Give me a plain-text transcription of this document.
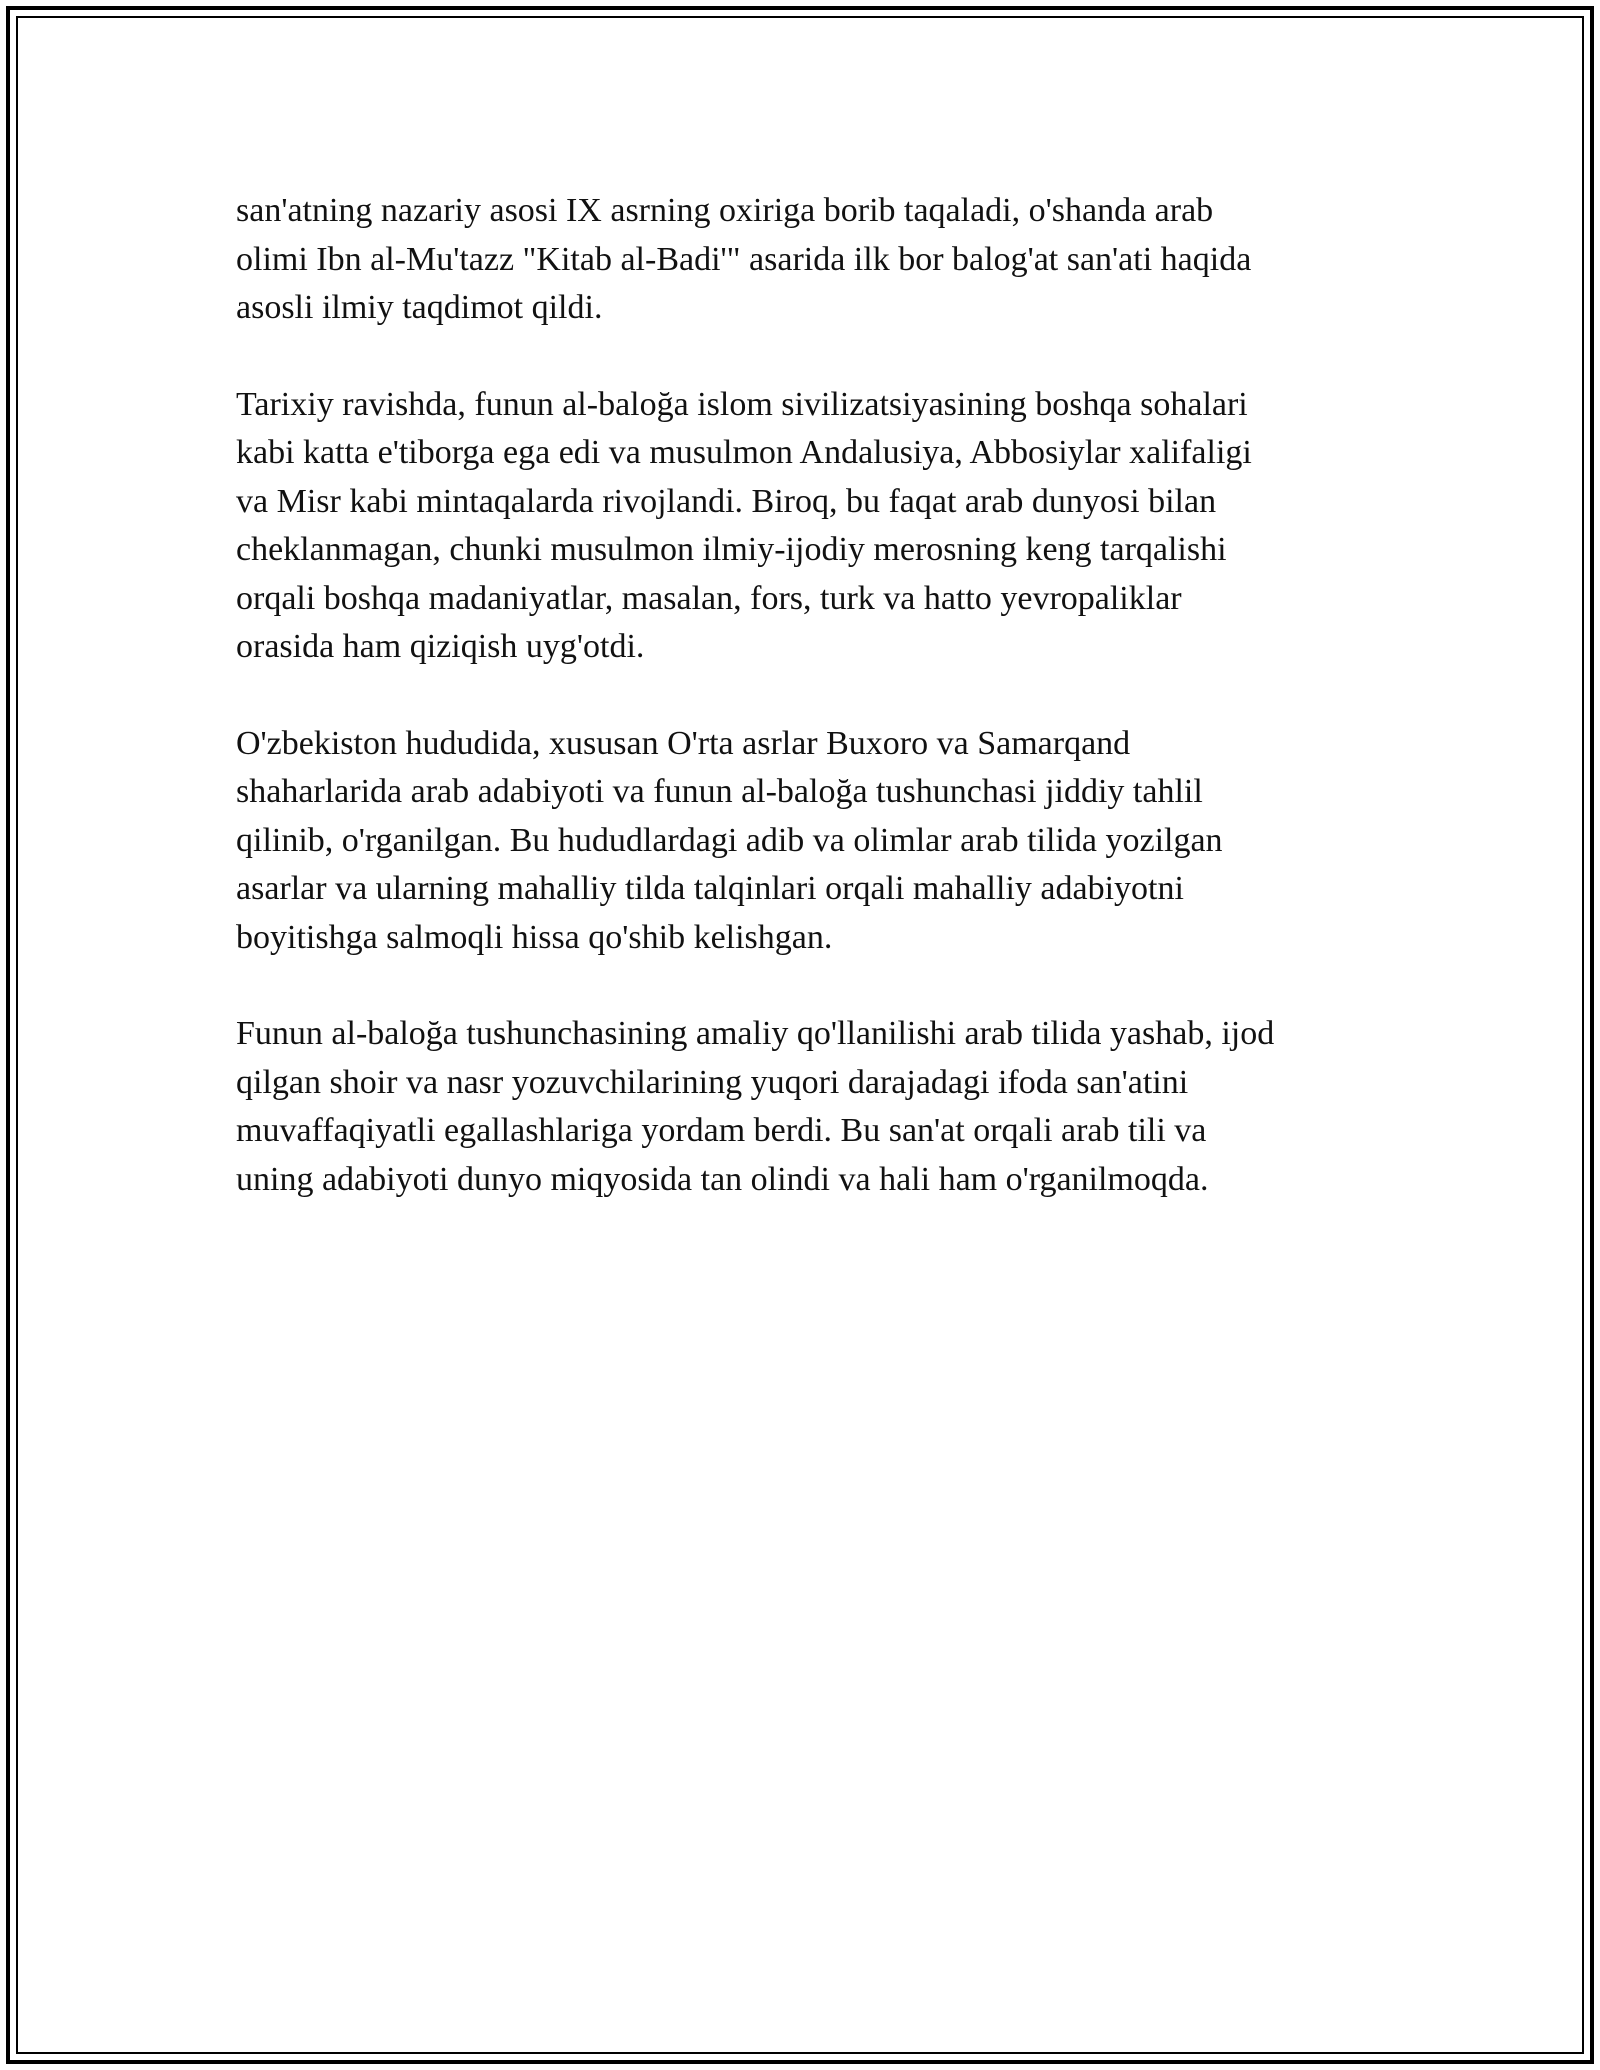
san'atning nazariy asosi IX asrning oxiriga borib taqaladi, o'shanda arab
olimi Ibn al-Mu'tazz "Kitab al-Badi'" asarida ilk bor balog'at san'ati haqida
asosli ilmiy taqdimot qildi.

Tarixiy ravishda, funun al-baloğa islom sivilizatsiyasining boshqa sohalari
kabi katta e'tiborga ega edi va musulmon Andalusiya, Abbosiylar xalifaligi
va Misr kabi mintaqalarda rivojlandi. Biroq, bu faqat arab dunyosi bilan
cheklanmagan, chunki musulmon ilmiy-ijodiy merosning keng tarqalishi
orqali boshqa madaniyatlar, masalan, fors, turk va hatto yevropaliklar
orasida ham qiziqish uyg'otdi.

O'zbekiston hududida, xususan O'rta asrlar Buxoro va Samarqand
shaharlarida arab adabiyoti va funun al-baloğa tushunchasi jiddiy tahlil
qilinib, o'rganilgan. Bu hududlardagi adib va olimlar arab tilida yozilgan
asarlar va ularning mahalliy tilda talqinlari orqali mahalliy adabiyotni
boyitishga salmoqli hissa qo'shib kelishgan.

Funun al-baloğa tushunchasining amaliy qo'llanilishi arab tilida yashab, ijod
qilgan shoir va nasr yozuvchilarining yuqori darajadagi ifoda san'atini
muvaffaqiyatli egallashlariga yordam berdi. Bu san'at orqali arab tili va
uning adabiyoti dunyo miqyosida tan olindi va hali ham o'rganilmoqda.
